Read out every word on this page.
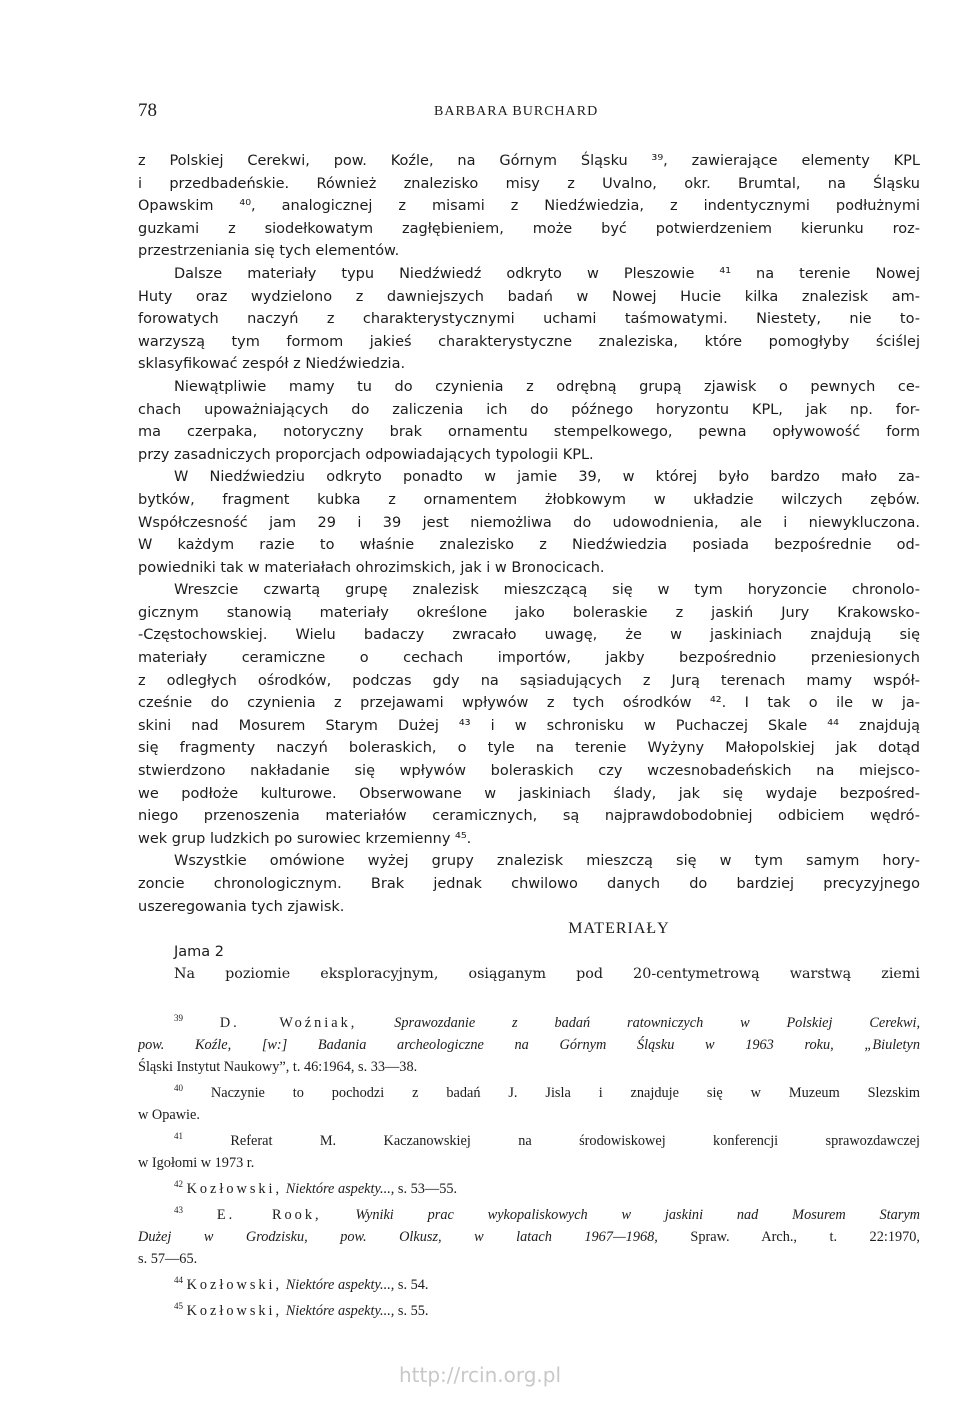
78	BARBARA BURCHARD
z Polskiej Cerekwi, pow. Koźle, na Górnym Śląsku ³⁹, zawierające elementy KPL
i przedbadeńskie. Również znalezisko misy z Uvalno, okr. Brumtal, na Śląsku
Opawskim ⁴⁰, analogicznej z misami z Niedźwiedzia, z indentycznymi podłużnymi
guzkami z siodełkowatym zagłębieniem, może być potwierdzeniem kierunku roz-
przestrzeniania się tych elementów.
Dalsze materiały typu Niedźwiedź odkryto w Pleszowie ⁴¹ na terenie Nowej
Huty oraz wydzielono z dawniejszych badań w Nowej Hucie kilka znalezisk am-
forowatych naczyń z charakterystycznymi uchami taśmowatymi. Niestety, nie to-
warzyszą tym formom jakieś charakterystyczne znaleziska, które pomogłyby ściślej
sklasyfikować zespół z Niedźwiedzia.
Niewątpliwie mamy tu do czynienia z odrębną grupą zjawisk o pewnych ce-
chach upoważniających do zaliczenia ich do późnego horyzontu KPL, jak np. for-
ma czerpaka, notoryczny brak ornamentu stempelkowego, pewna opływowość form
przy zasadniczych proporcjach odpowiadających typologii KPL.
W Niedźwiedziu odkryto ponadto w jamie 39, w której było bardzo mało za-
bytków, fragment kubka z ornamentem żłobkowym w układzie wilczych zębów.
Współczesność jam 29 i 39 jest niemożliwa do udowodnienia, ale i niewykluczona.
W każdym razie to właśnie znalezisko z Niedźwiedzia posiada bezpośrednie od-
powiedniki tak w materiałach ohrozimskich, jak i w Bronocicach.
Wreszcie czwartą grupę znalezisk mieszczącą się w tym horyzoncie chronolo-
gicznym stanowią materiały określone jako boleraskie z jaskiń Jury Krakowsko-
-Częstochowskiej. Wielu badaczy zwracało uwagę, że w jaskiniach znajdują się
materiały ceramiczne o cechach importów, jakby bezpośrednio przeniesionych
z odległych ośrodków, podczas gdy na sąsiadujących z Jurą terenach mamy współ-
cześnie do czynienia z przejawami wpływów z tych ośrodków ⁴². I tak o ile w ja-
skini nad Mosurem Starym Dużej ⁴³ i w schronisku w Puchaczej Skale ⁴⁴ znajdują
się fragmenty naczyń boleraskich, o tyle na terenie Wyżyny Małopolskiej jak dotąd
stwierdzono nakładanie się wpływów boleraskich czy wczesnobadeńskich na miejsco-
we podłoże kulturowe. Obserwowane w jaskiniach ślady, jak się wydaje bezpośred-
niego przenoszenia materiałów ceramicznych, są najprawdobodobniej odbiciem wędró-
wek grup ludzkich po surowiec krzemienny ⁴⁵.
Wszystkie omówione wyżej grupy znalezisk mieszczą się w tym samym hory-
zoncie chronologicznym. Brak jednak chwilowo danych do bardziej precyzyjnego
uszeregowania tych zjawisk.
MATERIAŁY
Jama 2
Na poziomie eksploracyjnym, osiąganym pod 20-centymetrową warstwą ziemi
$^{39}$	D. Woźniak,	Sprawozdanie z badań ratowniczych w Polskiej Cerekwi,
pow. Koźle, [w:] Badania archeologiczne na Górnym Śląsku w 1963 roku, „Biuletyn
Śląski Instytut Naukowy”, t. 46:1964, s. 33—38.
$^{40}$ Naczynie to pochodzi z badań J. Jisla i znajduje się w Muzeum Slezskim
w Opawie.
$^{41}$	Referat M. Kaczanowskiej na środowiskowej konferencji sprawozdawczej
w Igołomi w 1973 r.
$^{42}$ Kozłowski, Niektóre aspekty..., s. 53—55.
$^{43}$ E. Rook, Wyniki prac wykopaliskowych w jaskini nad Mosurem Starym
Dużej w Grodzisku, pow. Olkusz, w latach 1967—1968, Spraw. Arch., t. 22:1970,
s. 57—65.
$^{44}$ Kozłowski, Niektóre aspekty..., s. 54.
$^{45}$ Kozłowski, Niektóre aspekty..., s. 55.
http://rcin.org.pl
